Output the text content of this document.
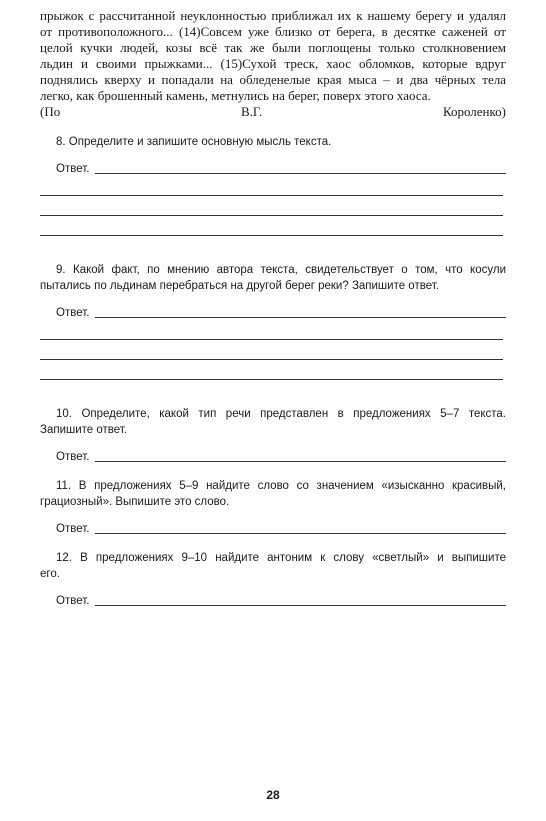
прыжок с рассчитанной неуклонностью приближал их к нашему берегу и удалял

от противоположного... (14)Совсем уже близко от берега, в десятке саженей от

целой кучки людей, козы всё так же были поглощены только столкновением

льдин и своими прыжками... (15)Сухой треск, хаос обломков, которые вдруг

поднялись кверху и попадали на обледенелые края мыса – и два чёрных тела

легко, как брошенный камень, метнулись на берег, поверх этого хаоса.

(По В.Г. Короленко)

8. Определите и запишите основную мысль текста.

Ответ.

9. Какой факт, по мнению автора текста, свидетельствует о том, что косули
пытались по льдинам перебраться на другой берег реки? Запишите ответ.

Ответ.

10. Определите, какой тип речи представлен в предложениях 5–7 текста.
Запишите ответ.

Ответ.

11. В предложениях 5–9 найдите слово со значением «изысканно красивый,
грациозный». Выпишите это слово.

Ответ.

12. В предложениях 9–10 найдите антоним к слову «светлый» и выпишите
его.

Ответ.
28
